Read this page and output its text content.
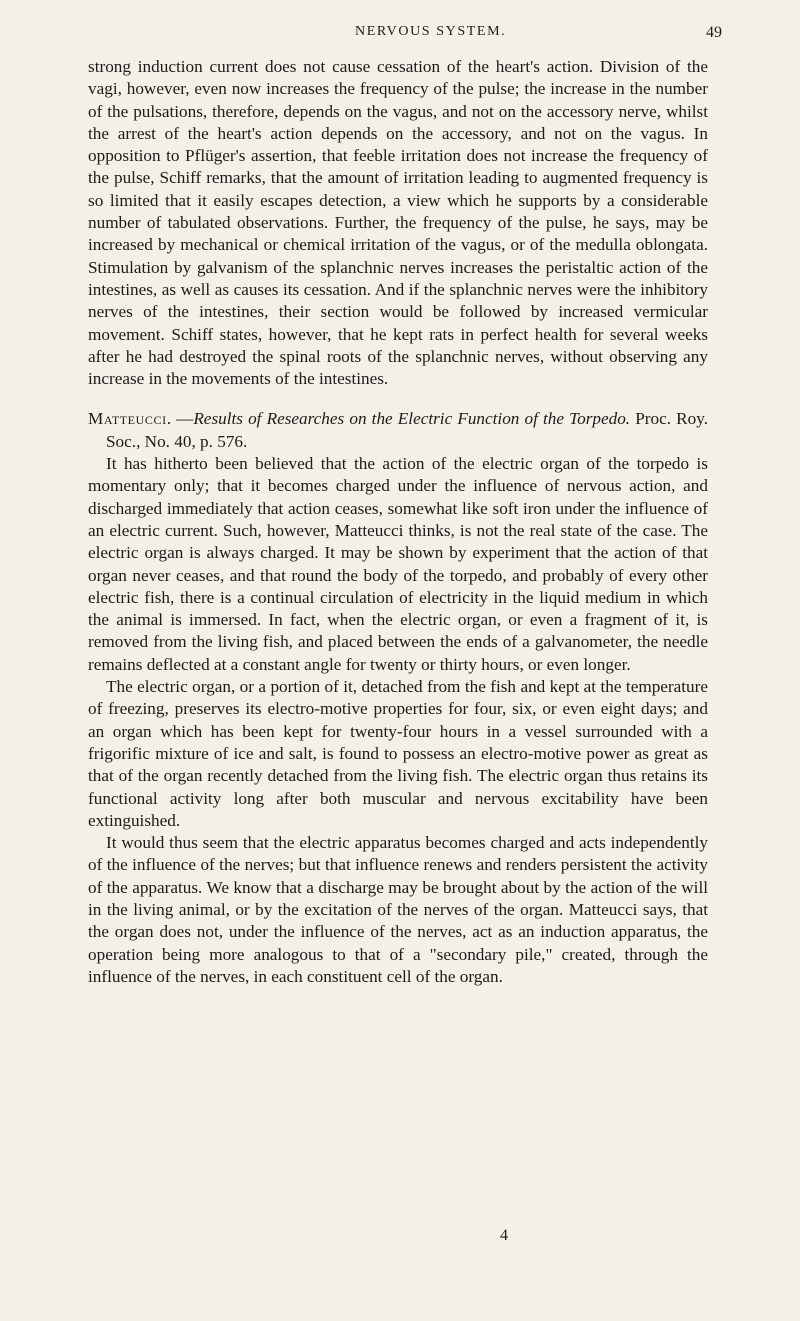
NERVOUS SYSTEM.	49

strong induction current does not cause cessation of the heart's action. Division of the vagi, however, even now increases the frequency of the pulse; the increase in the number of the pulsations, therefore, depends on the vagus, and not on the accessory nerve, whilst the arrest of the heart's action depends on the accessory, and not on the vagus. In opposition to Pflüger's assertion, that feeble irritation does not increase the frequency of the pulse, Schiff remarks, that the amount of irritation leading to augmented frequency is so limited that it easily escapes detection, a view which he supports by a considerable number of tabulated observations. Further, the frequency of the pulse, he says, may be increased by mechanical or chemical irritation of the vagus, or of the medulla oblongata. Stimulation by galvanism of the splanchnic nerves increases the peristaltic action of the intestines, as well as causes its cessation. And if the splanchnic nerves were the inhibitory nerves of the intestines, their section would be followed by increased vermicular movement. Schiff states, however, that he kept rats in perfect health for several weeks after he had destroyed the spinal roots of the splanchnic nerves, without observing any increase in the movements of the intestines.

Matteucci. —Results of Researches on the Electric Function of the Torpedo. Proc. Roy. Soc., No. 40, p. 576.

It has hitherto been believed that the action of the electric organ of the torpedo is momentary only; that it becomes charged under the influence of nervous action, and discharged immediately that action ceases, somewhat like soft iron under the influence of an electric current. Such, however, Matteucci thinks, is not the real state of the case. The electric organ is always charged. It may be shown by experiment that the action of that organ never ceases, and that round the body of the torpedo, and probably of every other electric fish, there is a continual circulation of electricity in the liquid medium in which the animal is immersed. In fact, when the electric organ, or even a fragment of it, is removed from the living fish, and placed between the ends of a galvanometer, the needle remains deflected at a constant angle for twenty or thirty hours, or even longer.

The electric organ, or a portion of it, detached from the fish and kept at the temperature of freezing, preserves its electro-motive properties for four, six, or even eight days; and an organ which has been kept for twenty-four hours in a vessel surrounded with a frigorific mixture of ice and salt, is found to possess an electro-motive power as great as that of the organ recently detached from the living fish. The electric organ thus retains its functional activity long after both muscular and nervous excitability have been extinguished.

It would thus seem that the electric apparatus becomes charged and acts independently of the influence of the nerves; but that influence renews and renders persistent the activity of the apparatus. We know that a discharge may be brought about by the action of the will in the living animal, or by the excitation of the nerves of the organ. Matteucci says, that the organ does not, under the influence of the nerves, act as an induction apparatus, the operation being more analogous to that of a "secondary pile," created, through the influence of the nerves, in each constituent cell of the organ.

4
